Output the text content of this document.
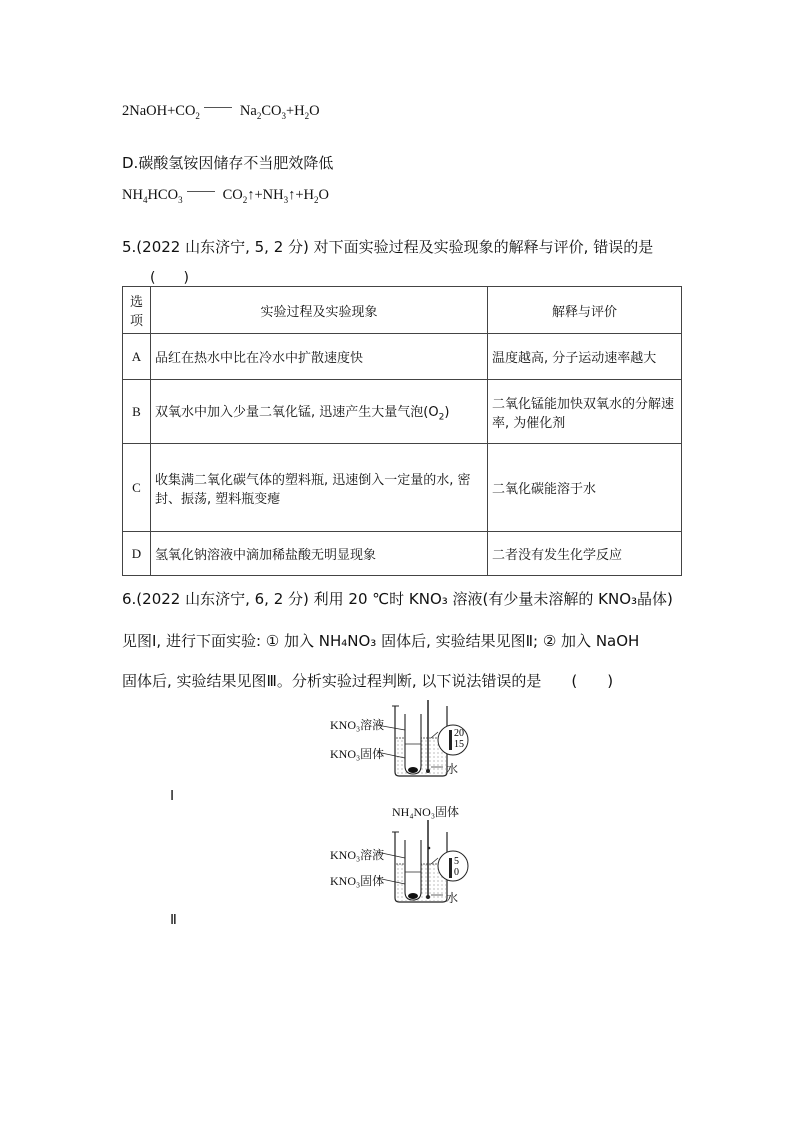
$2NaOH+CO_2$	$Na_2CO_3+H_2O$
D.碳酸氢铵因储存不当肥效降低
$NH_4HCO_3$	$CO_2↑+NH_3↑+H_2O$
5.(2022 山东济宁, 5, 2 分) 对下面实验过程及实验现象的解释与评价, 错误的是
(　　)
选
项	实验过程及实验现象	解释与评价
A	品红在热水中比在冷水中扩散速度快	温度越高, 分子运动速率越大
B	双氧水中加入少量二氧化锰, 迅速产生大量气泡$(O_2)$	二氧化锰能加快双氧水的分解速率, 为催化剂
C	收集满二氧化碳气体的塑料瓶, 迅速倒入一定量的水, 密封、振荡, 塑料瓶变瘪	二氧化碳能溶于水
D	氢氧化钠溶液中滴加稀盐酸无明显现象	二者没有发生化学反应
6.(2022 山东济宁, 6, 2 分) 利用 20 ℃时 KNO₃ 溶液(有少量未溶解的 KNO₃晶体)
见图Ⅰ, 进行下面实验: ① 加入 NH₄NO₃ 固体后, 实验结果见图Ⅱ; ② 加入 NaOH
固体后, 实验结果见图Ⅲ。分析实验过程判断, 以下说法错误的是 (　　)
20
15
KNO₃溶液
KNO₃固体
水
Ⅰ
NH₄NO₃固体
5
0
KNO₃溶液
KNO₃固体
水
Ⅱ
